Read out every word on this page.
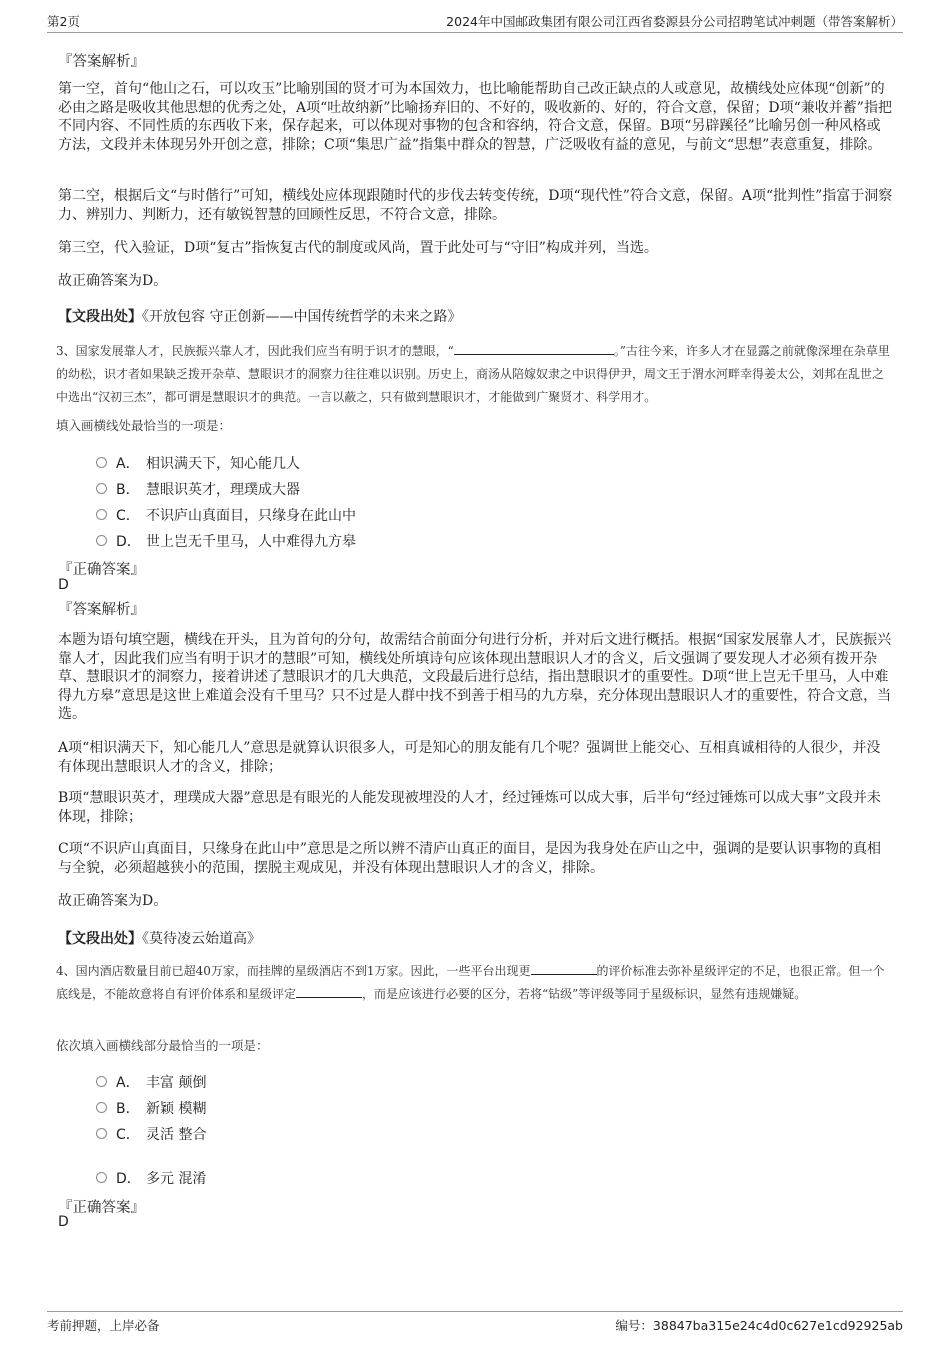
第2页	2024年中国邮政集团有限公司江西省婺源县分公司招聘笔试冲刺题（带答案解析）
『答案解析』
第一空，首句“他山之石，可以攻玉”比喻别国的贤才可为本国效力，也比喻能帮助自己改正缺点的人或意见，故横线处应体现“创新”的必由之路是吸收其他思想的优秀之处，A项“吐故纳新”比喻扬弃旧的、不好的，吸收新的、好的，符合文意，保留；D项“兼收并蓄”指把不同内容、不同性质的东西收下来，保存起来，可以体现对事物的包含和容纳，符合文意，保留。B项“另辟蹊径”比喻另创一种风格或方法，文段并未体现另外开创之意，排除；C项“集思广益”指集中群众的智慧，广泛吸收有益的意见，与前文“思想”表意重复，排除。
第二空，根据后文“与时偕行”可知，横线处应体现跟随时代的步伐去转变传统，D项“现代性”符合文意，保留。A项“批判性”指富于洞察力、辨别力、判断力，还有敏锐智慧的回顾性反思，不符合文意，排除。
第三空，代入验证，D项“复古”指恢复古代的制度或风尚，置于此处可与“守旧”构成并列，当选。
故正确答案为D。
【文段出处】《开放包容 守正创新——中国传统哲学的未来之路》
3、国家发展靠人才，民族振兴靠人才，因此我们应当有明于识才的慧眼，“	。”古往今来，许多人才在显露之前就像深埋在杂草里的幼松，识才者如果缺乏拨开杂草、慧眼识才的洞察力往往难以识别。历史上，商汤从陪嫁奴隶之中识得伊尹，周文王于渭水河畔幸得姜太公，刘邦在乱世之中选出“汉初三杰”，都可谓是慧眼识才的典范。一言以蔽之，只有做到慧眼识才，才能做到广聚贤才、科学用才。
填入画横线处最恰当的一项是：
A． 相识满天下，知心能几人
B． 慧眼识英才，理璞成大器
C． 不识庐山真面目，只缘身在此山中
D． 世上岂无千里马，人中难得九方皋
『正确答案』
D
『答案解析』
本题为语句填空题，横线在开头，且为首句的分句，故需结合前面分句进行分析，并对后文进行概括。根据“国家发展靠人才，民族振兴靠人才，因此我们应当有明于识才的慧眼”可知，横线处所填诗句应该体现出慧眼识人才的含义，后文强调了要发现人才必须有拨开杂草、慧眼识才的洞察力，接着讲述了慧眼识才的几大典范，文段最后进行总结，指出慧眼识才的重要性。D项“世上岂无千里马，人中难得九方皋”意思是这世上难道会没有千里马？只不过是人群中找不到善于相马的九方皋，充分体现出慧眼识人才的重要性，符合文意，当选。
A项“相识满天下，知心能几人”意思是就算认识很多人，可是知心的朋友能有几个呢？强调世上能交心、互相真诚相待的人很少，并没有体现出慧眼识人才的含义，排除；
B项“慧眼识英才，理璞成大器”意思是有眼光的人能发现被埋没的人才，经过锤炼可以成大事，后半句“经过锤炼可以成大事”文段并未体现，排除；
C项“不识庐山真面目，只缘身在此山中”意思是之所以辨不清庐山真正的面目，是因为我身处在庐山之中，强调的是要认识事物的真相与全貌，必须超越狭小的范围，摆脱主观成见，并没有体现出慧眼识人才的含义，排除。
故正确答案为D。
【文段出处】《莫待凌云始道高》
4、国内酒店数量目前已超40万家，而挂牌的星级酒店不到1万家。因此，一些平台出现更	的评价标准去弥补星级评定的不足，也很正常。但一个底线是，不能故意将自有评价体系和星级评定	，而是应该进行必要的区分，若将“钻级”等评级等同于星级标识，显然有违规嫌疑。
依次填入画横线部分最恰当的一项是：
A． 丰富 颠倒
B． 新颖 模糊
C． 灵活 整合
D． 多元 混淆
『正确答案』
D
考前押题，上岸必备	编号：38847ba315e24c4d0c627e1cd92925ab
